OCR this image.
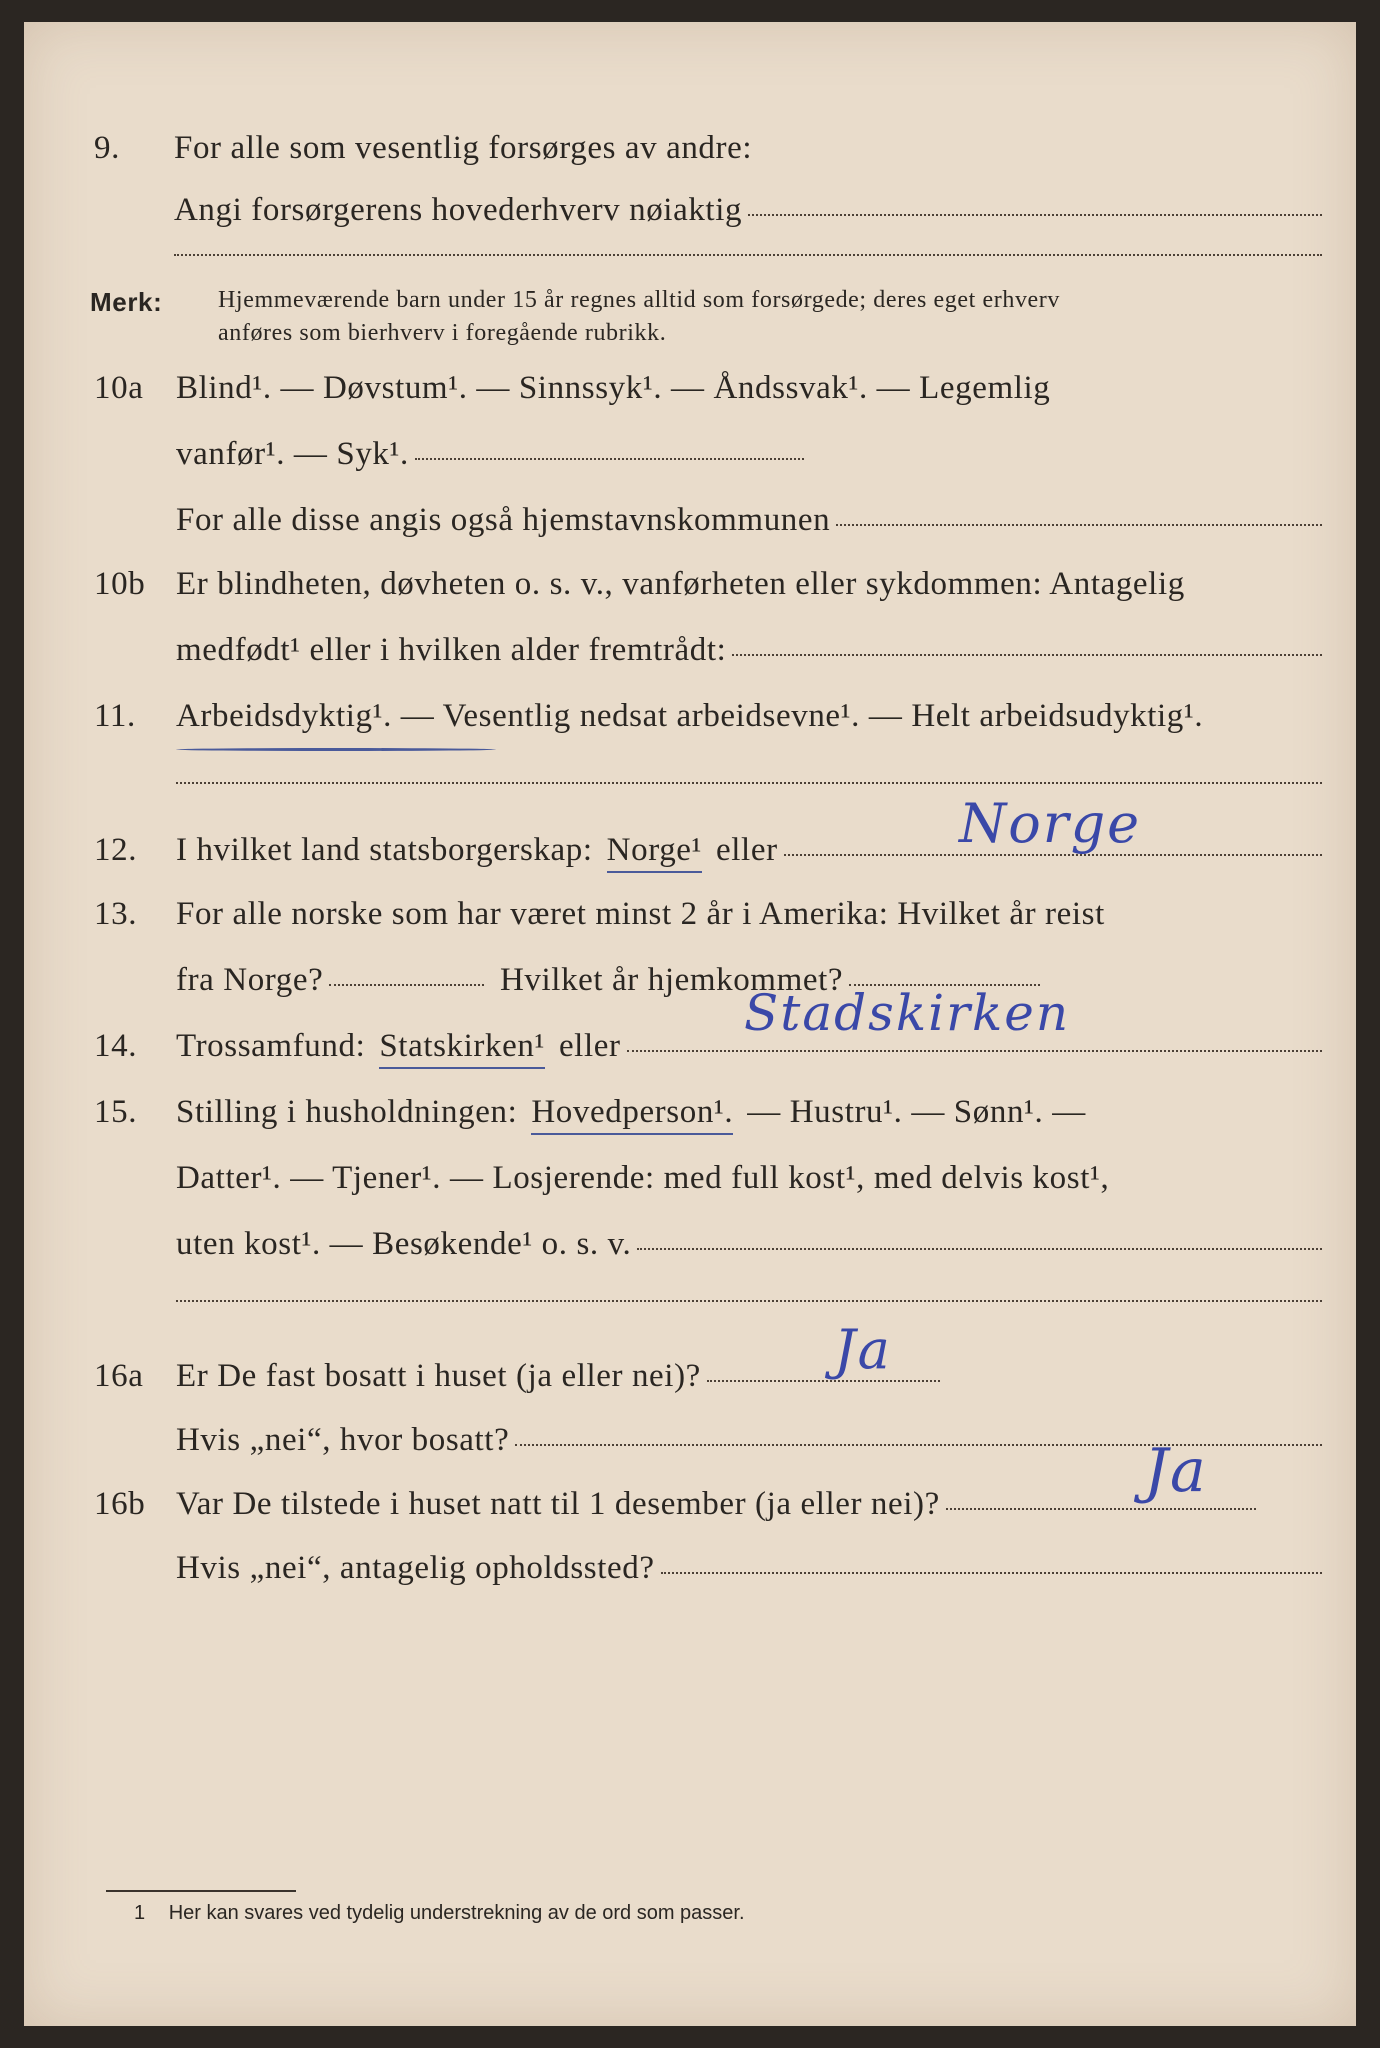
9. For alle som vesentlig forsørges av andre:
Angi forsørgerens hovederhverv nøiaktig
Merk: Hjemmeværende barn under 15 år regnes alltid som forsørgede; deres eget erhverv
anføres som bierhverv i foregående rubrikk.
10a Blind¹. — Døvstum¹. — Sinnssyk¹. — Åndssvak¹. — Legemlig
vanfør¹. — Syk¹.
For alle disse angis også hjemstavnskommunen
10b Er blindheten, døvheten o. s. v., vanførheten eller sykdommen: Antagelig
medfødt¹ eller i hvilken alder fremtrådt:
11. Arbeidsdyktig¹. — Vesentlig nedsat arbeidsevne¹. — Helt arbeidsudyktig¹.
12. I hvilket land statsborgerskap: Norge¹ eller	Norge
13. For alle norske som har været minst 2 år i Amerika: Hvilket år reist
fra Norge?	Hvilket år hjemkommet?
14. Trossamfund: Statskirken¹ eller
Stadskirken
15. Stilling i husholdningen: Hovedperson¹. — Hustru¹. — Sønn¹. —
Datter¹. — Tjener¹. — Losjerende: med full kost¹, med delvis kost¹,
uten kost¹. — Besøkende¹ o. s. v.
16a Er De fast bosatt i huset (ja eller nei)? Ja
Hvis „nei“, hvor bosatt?
16b Var De tilstede i huset natt til 1 desember (ja eller nei)?	Ja
Hvis „nei“, antagelig opholdssted?
1 Her kan svares ved tydelig understrekning av de ord som passer.
